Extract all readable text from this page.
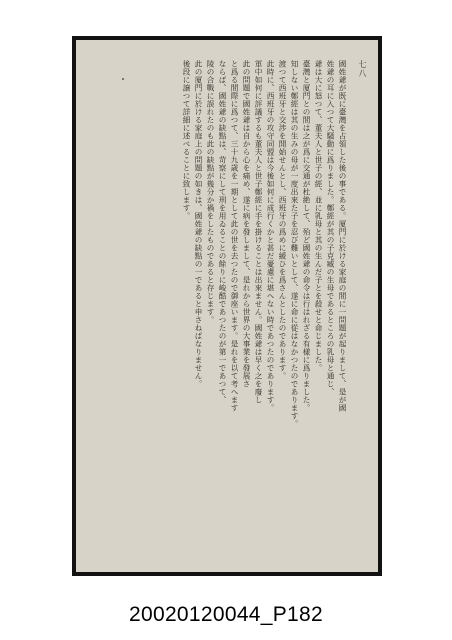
七八

國姓爺が既に臺灣を占領した後の事である。厦門に於ける家庭の間に一問題が起りまして、是が國

姓爺の耳に入つて大騒動に爲りました。鄭經が其の子克臧の生母であるところの乳母と通じ、

爺は大に怒つて、董夫人と世子の經、並に乳母と其の生んだ子とを殺せと命じました。

臺灣と厦門との間は之が爲に交通が杜絶して、殆ど國姓爺の命令は行はれざる有樣に爲りました。

知しない鄭經は其の生みの母が一度出來た子を忍び難いとして、遂に命に從はなかつたのであります。

渡つて西班牙と交渉を開始せんとし、西班牙の爲めに緩ひを爲さんとしたのであります。

此時に、西班牙の攻守同盟は今後如何に成行くかと甚だ憂慮に堪へない時であつたのであります。

軍中如何に評議するも董夫人と世子鄭經に手を掛けることは出來ません。國姓爺は早く之を廢し

此の問題で國姓爺は自から心を痛め、遂に病を發しまして、是れから世界の大事業を發展さ

と爲る間際に爲つて、三十九歳を一期として此の世を去つたので御座います。是れを以て考へます

ならば、國姓爺の缺點は、苛察にして刑を用ゐることの餘りに峻酷であつたのが第一であつて、

陵の合戰に誤れたのも此の缺點が幾分か禍をしたものであると存じます。

此の厦門に於ける家庭上の問題の如きは、國姓爺の缺點の一であると申さねばなりません。

後段に譲つて詳細に述べることに致します。

20020120044_P182
